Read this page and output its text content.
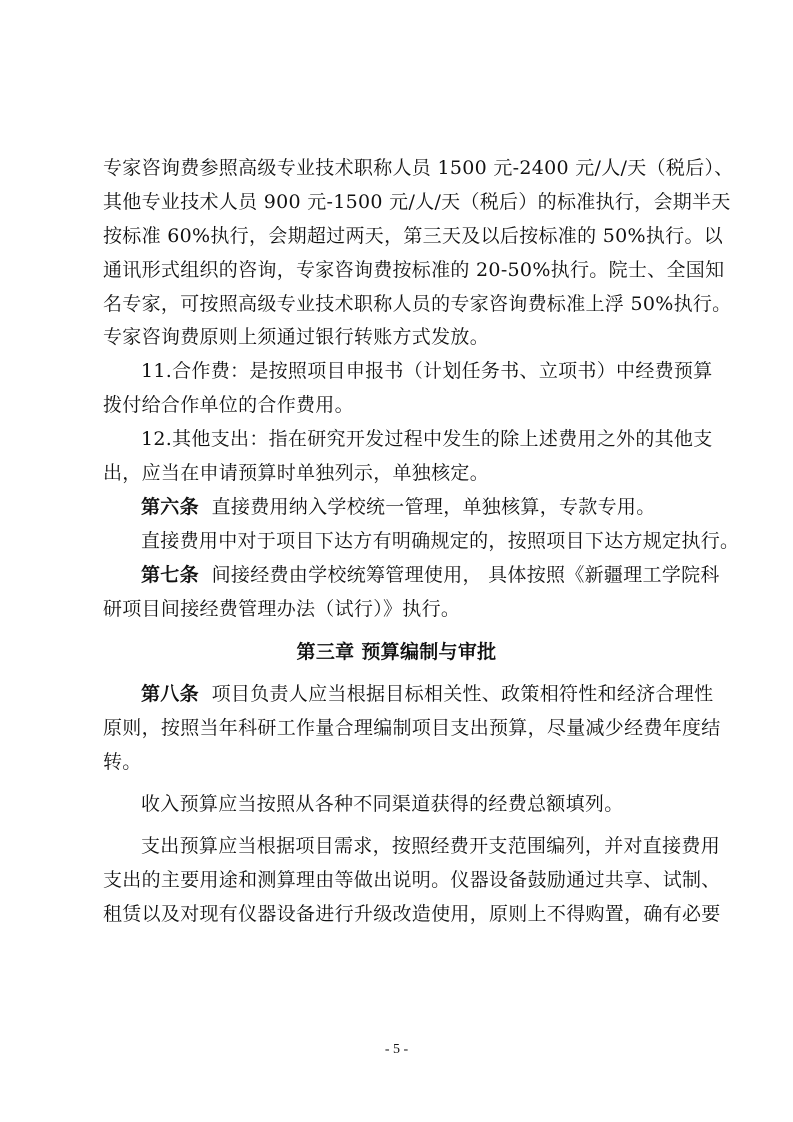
专家咨询费参照高级专业技术职称人员 1500 元-2400 元/人/天（税后）、
其他专业技术人员 900 元-1500 元/人/天（税后）的标准执行，会期半天
按标准 60%执行，会期超过两天，第三天及以后按标准的 50%执行。以
通讯形式组织的咨询，专家咨询费按标准的 20-50%执行。院士、全国知
名专家，可按照高级专业技术职称人员的专家咨询费标准上浮 50%执行。
专家咨询费原则上须通过银行转账方式发放。
11.合作费：是按照项目申报书（计划任务书、立项书）中经费预算
拨付给合作单位的合作费用。
12.其他支出：指在研究开发过程中发生的除上述费用之外的其他支
出，应当在申请预算时单独列示，单独核定。
第六条 直接费用纳入学校统一管理，单独核算，专款专用。
直接费用中对于项目下达方有明确规定的，按照项目下达方规定执行。
第七条 间接经费由学校统筹管理使用， 具体按照《新疆理工学院科
研项目间接经费管理办法（试行）》执行。
第三章 预算编制与审批
第八条 项目负责人应当根据目标相关性、政策相符性和经济合理性
原则，按照当年科研工作量合理编制项目支出预算，尽量减少经费年度结
转。
收入预算应当按照从各种不同渠道获得的经费总额填列。
支出预算应当根据项目需求，按照经费开支范围编列，并对直接费用
支出的主要用途和测算理由等做出说明。仪器设备鼓励通过共享、试制、
租赁以及对现有仪器设备进行升级改造使用，原则上不得购置，确有必要
- 5 -
